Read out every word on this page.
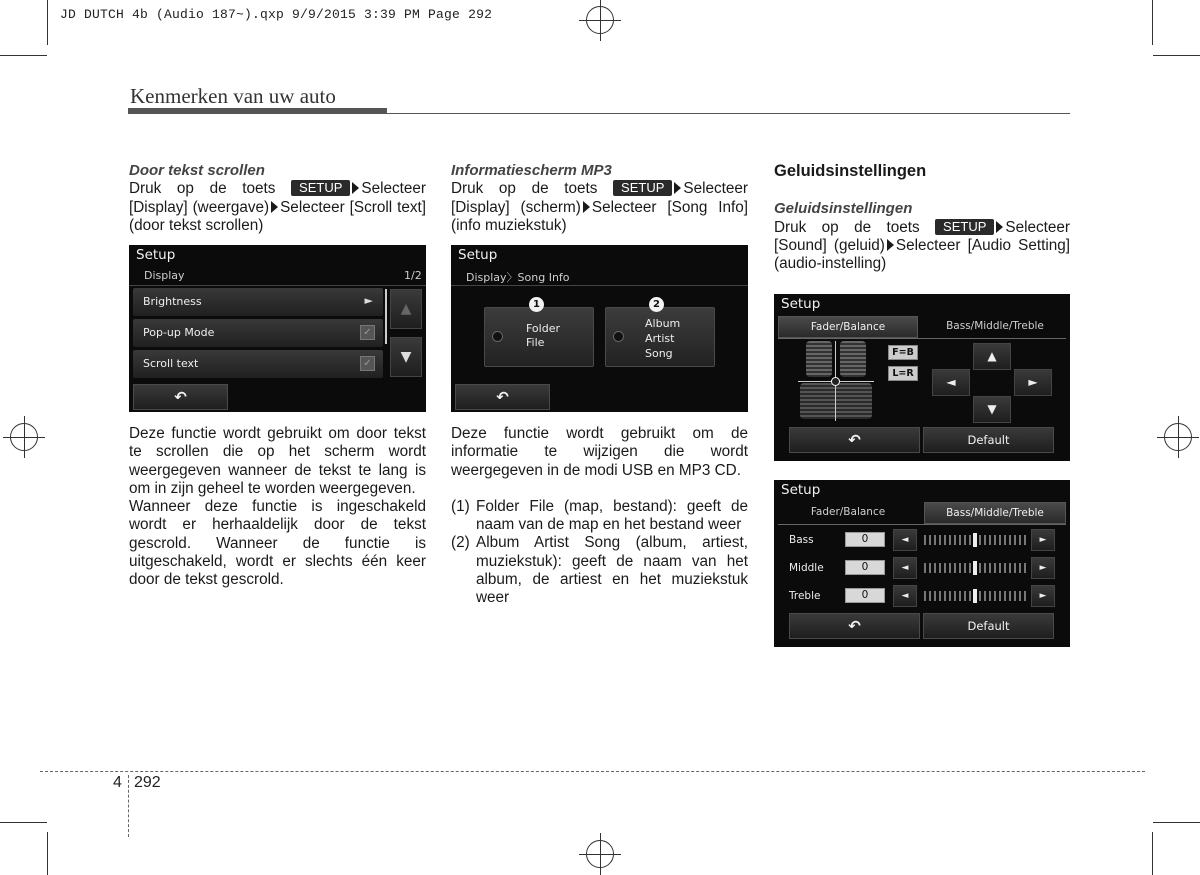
JD DUTCH 4b (Audio 187~).qxp 9/9/2015 3:39 PM Page 292
Kenmerken van uw auto

Door tekst scrollen

Druk op de toets SETUP Selecteer [Display] (weergave) Selecteer [Scroll text] (door tekst scrollen)

Setup
Display	1/2
Brightness	►
Pop-up Mode	✓
Scroll text	✓
▲
▼
↶

Deze functie wordt gebruikt om door tekst te scrollen die op het scherm wordt weergegeven wanneer de tekst te lang is om in zijn geheel te worden weergegeven.

Wanneer deze functie is ingeschakeld wordt er herhaaldelijk door de tekst gescrold. Wanneer de functie is uitgeschakeld, wordt er slechts één keer door de tekst gescrold.

Informatiescherm MP3

Druk op de toets SETUP Selecteer [Display] (scherm) Selecteer [Song Info] (info muziekstuk)

Setup
Display〉Song Info
Folder
File
1
Album
Artist
Song
2
↶

Deze functie wordt gebruikt om de informatie te wijzigen die wordt weergegeven in de modi USB en MP3 CD.

(1) Folder File (map, bestand): geeft de naam van de map en het bestand weer
(2) Album Artist Song (album, artiest, muziekstuk): geeft de naam van het album, de artiest en het muziekstuk weer

Geluidsinstellingen

Geluidsinstellingen

Druk op de toets SETUP Selecteer [Sound] (geluid) Selecteer [Audio Setting] (audio-instelling)

Setup
Fader/Balance	Bass/Middle/Treble
F=B
L=R
▲
◄	►
▼
↶	Default
Setup
Fader/Balance	Bass/Middle/Treble
Bass	0	◄	►
Middle	0	◄	►
Treble	0	◄	►
↶	Default
4 292
